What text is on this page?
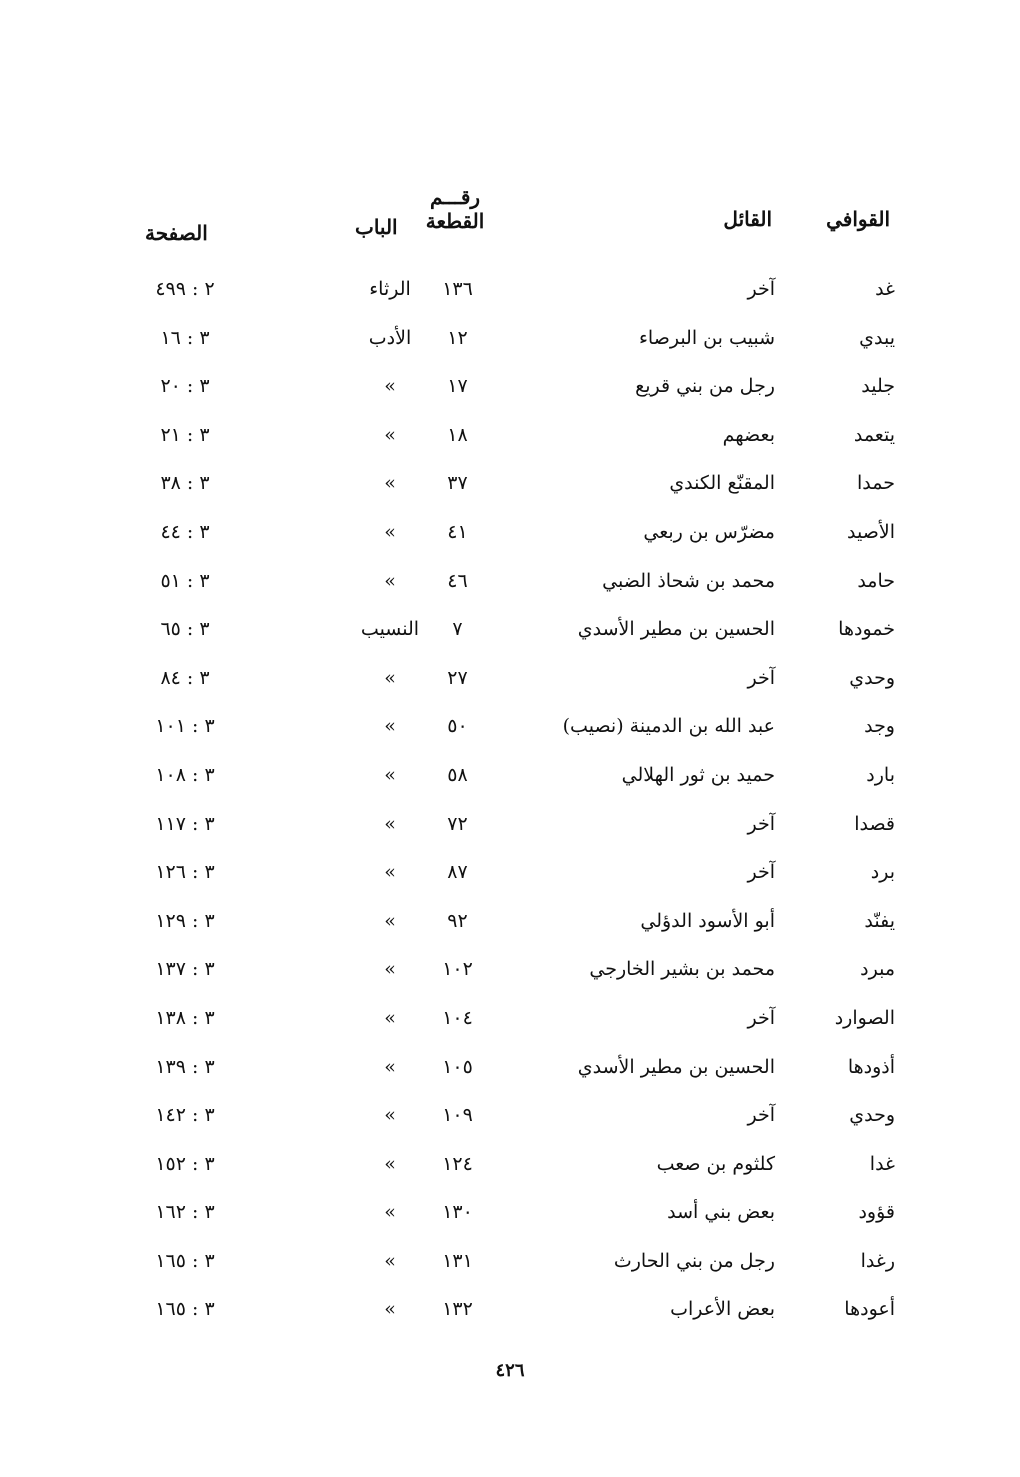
القوافي
القائل
رقـــم
القطعة
الباب
الصفحة
غد
آخر
١٣٦
الرثاء
٢ : ٤٩٩
يبدي
شبيب بن البرصاء
١٢
الأدب
٣ : ١٦
جليد
رجل من بني قريع
١٧
»
٣ : ٢٠
يتعمد
بعضهم
١٨
»
٣ : ٢١
حمدا
المقنّع الكندي
٣٧
»
٣ : ٣٨
الأصيد
مضرّس بن ربعي
٤١
»
٣ : ٤٤
حامد
محمد بن شحاذ الضبي
٤٦
»
٣ : ٥١
خمودها
الحسين بن مطير الأسدي
٧
النسيب
٣ : ٦٥
وحدي
آخر
٢٧
»
٣ : ٨٤
وجد
عبد الله بن الدمينة (نصيب)
٥٠
»
٣ : ١٠١
بارد
حميد بن ثور الهلالي
٥٨
»
٣ : ١٠٨
قصدا
آخر
٧٢
»
٣ : ١١٧
برد
آخر
٨٧
»
٣ : ١٢٦
يفنّد
أبو الأسود الدؤلي
٩٢
»
٣ : ١٢٩
مبرد
محمد بن بشير الخارجي
١٠٢
»
٣ : ١٣٧
الصوارد
آخر
١٠٤
»
٣ : ١٣٨
أذودها
الحسين بن مطير الأسدي
١٠٥
»
٣ : ١٣٩
وحدي
آخر
١٠٩
»
٣ : ١٤٢
غدا
كلثوم بن صعب
١٢٤
»
٣ : ١٥٢
قؤود
بعض بني أسد
١٣٠
»
٣ : ١٦٢
رغدا
رجل من بني الحارث
١٣١
»
٣ : ١٦٥
أعودها
بعض الأعراب
١٣٢
»
٣ : ١٦٥
٤٢٦
